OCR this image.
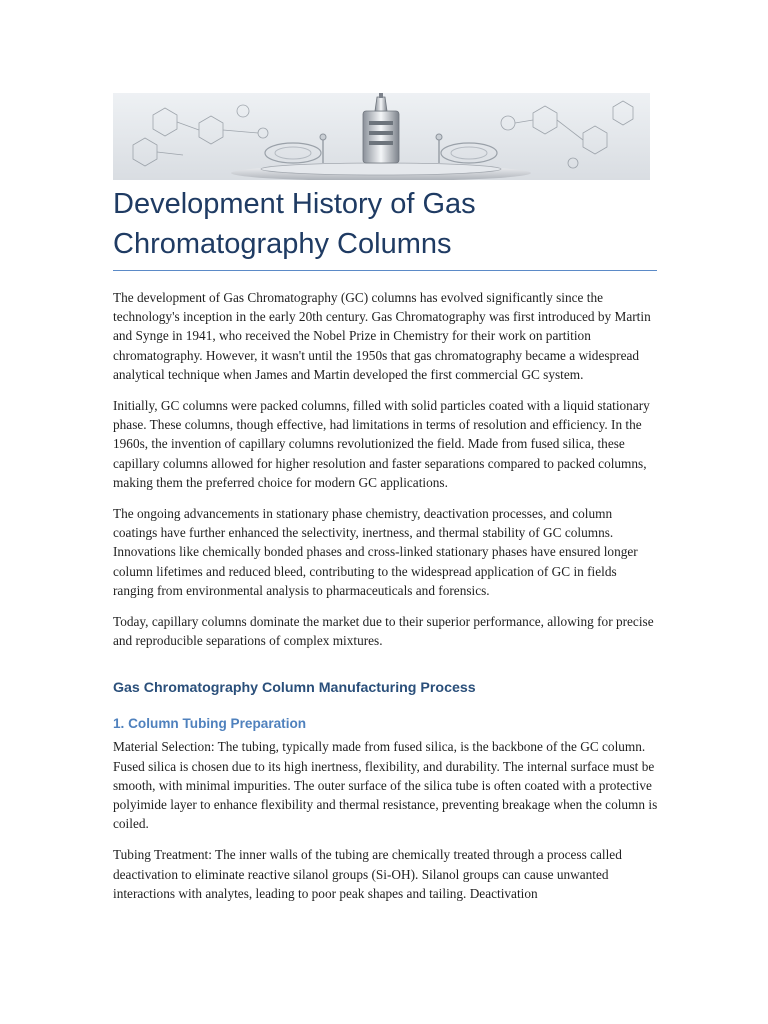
Development History of Gas Chromatography Columns

The development of Gas Chromatography (GC) columns has evolved significantly since the technology's inception in the early 20th century. Gas Chromatography was first introduced by Martin and Synge in 1941, who received the Nobel Prize in Chemistry for their work on partition chromatography. However, it wasn't until the 1950s that gas chromatography became a widespread analytical technique when James and Martin developed the first commercial GC system.

Initially, GC columns were packed columns, filled with solid particles coated with a liquid stationary phase. These columns, though effective, had limitations in terms of resolution and efficiency. In the 1960s, the invention of capillary columns revolutionized the field. Made from fused silica, these capillary columns allowed for higher resolution and faster separations compared to packed columns, making them the preferred choice for modern GC applications.

The ongoing advancements in stationary phase chemistry, deactivation processes, and column coatings have further enhanced the selectivity, inertness, and thermal stability of GC columns. Innovations like chemically bonded phases and cross-linked stationary phases have ensured longer column lifetimes and reduced bleed, contributing to the widespread application of GC in fields ranging from environmental analysis to pharmaceuticals and forensics.

Today, capillary columns dominate the market due to their superior performance, allowing for precise and reproducible separations of complex mixtures.

Gas Chromatography Column Manufacturing Process
1. Column Tubing Preparation

Material Selection: The tubing, typically made from fused silica, is the backbone of the GC column. Fused silica is chosen due to its high inertness, flexibility, and durability. The internal surface must be smooth, with minimal impurities. The outer surface of the silica tube is often coated with a protective polyimide layer to enhance flexibility and thermal resistance, preventing breakage when the column is coiled.

Tubing Treatment: The inner walls of the tubing are chemically treated through a process called deactivation to eliminate reactive silanol groups (Si-OH). Silanol groups can cause unwanted interactions with analytes, leading to poor peak shapes and tailing. Deactivation
